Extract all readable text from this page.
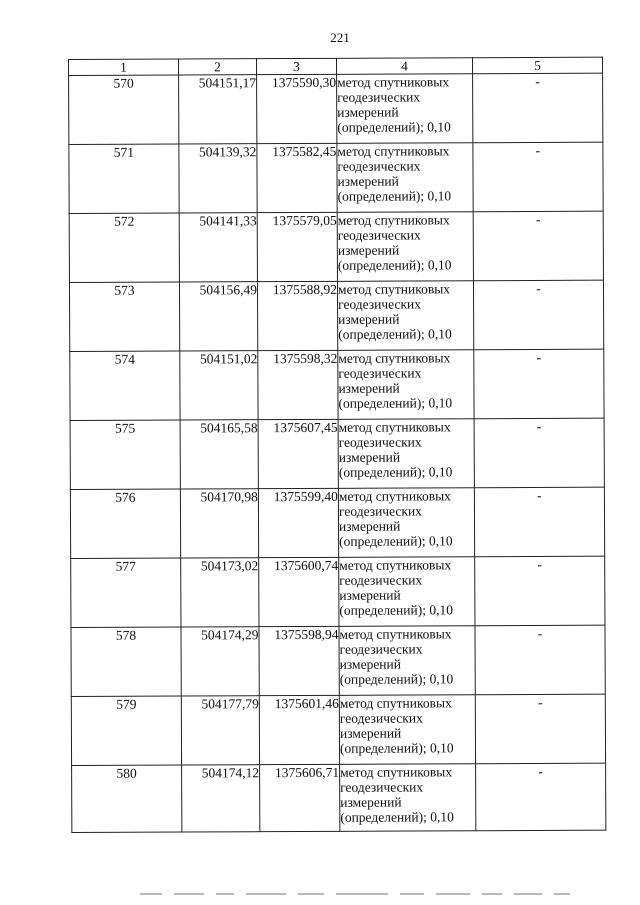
221
1	2	3	4	5
570	504151,17	1375590,30	метод спутниковых
геодезических
измерений
(определений); 0,10	-
571	504139,32	1375582,45	метод спутниковых
геодезических
измерений
(определений); 0,10	-
572	504141,33	1375579,05	метод спутниковых
геодезических
измерений
(определений); 0,10	-
573	504156,49	1375588,92	метод спутниковых
геодезических
измерений
(определений); 0,10	-
574	504151,02	1375598,32	метод спутниковых
геодезических
измерений
(определений); 0,10	-
575	504165,58	1375607,45	метод спутниковых
геодезических
измерений
(определений); 0,10	-
576	504170,98	1375599,40	метод спутниковых
геодезических
измерений
(определений); 0,10	-
577	504173,02	1375600,74	метод спутниковых
геодезических
измерений
(определений); 0,10	-
578	504174,29	1375598,94	метод спутниковых
геодезических
измерений
(определений); 0,10	-
579	504177,79	1375601,46	метод спутниковых
геодезических
измерений
(определений); 0,10	-
580	504174,12	1375606,71	метод спутниковых
геодезических
измерений
(определений); 0,10	-
